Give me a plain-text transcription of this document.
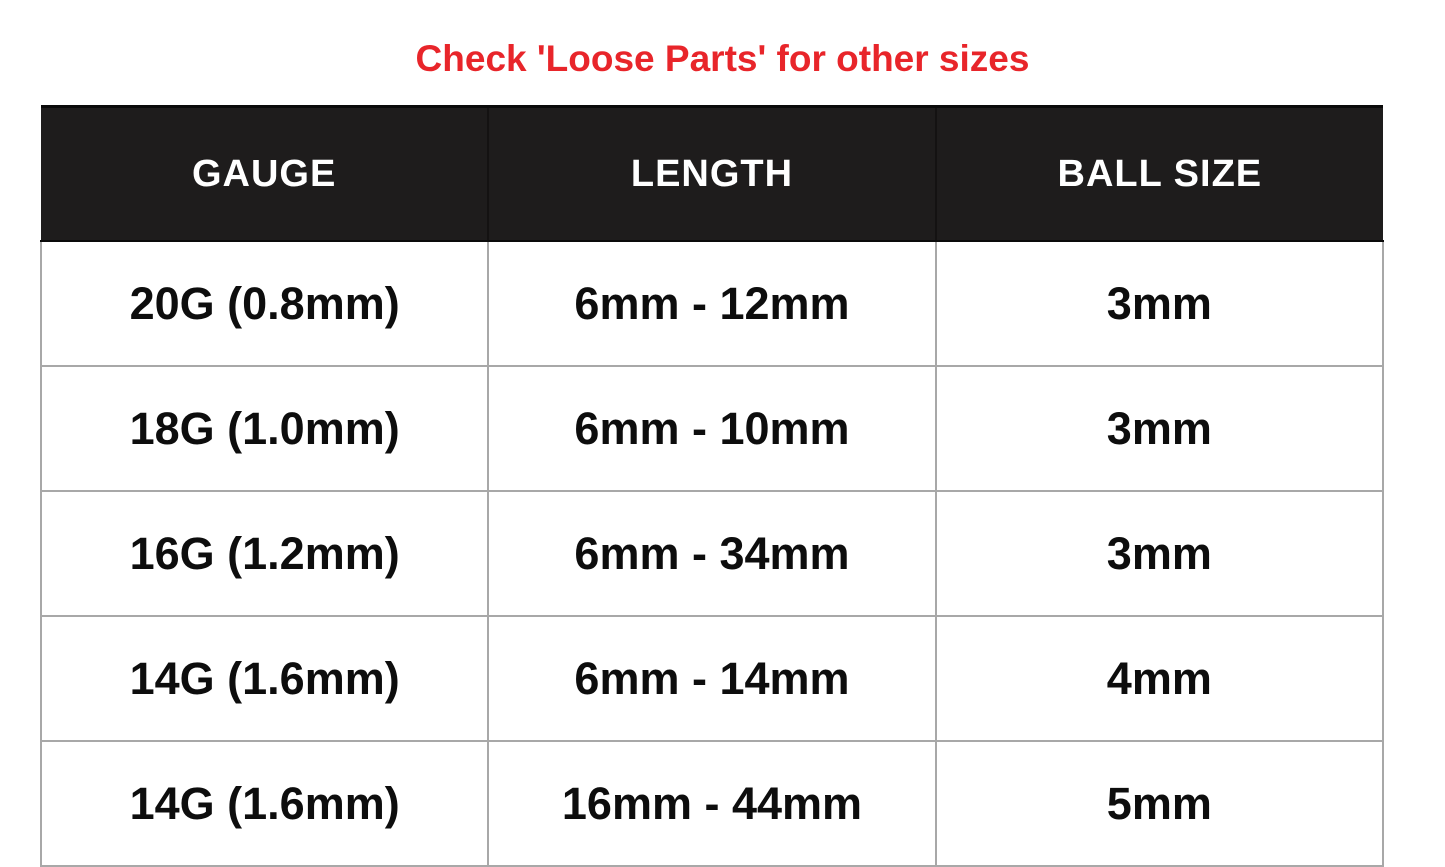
Check 'Loose Parts' for other sizes
GAUGE	LENGTH	BALL SIZE
20G (0.8mm)	6mm - 12mm	3mm
18G (1.0mm)	6mm - 10mm	3mm
16G (1.2mm)	6mm - 34mm	3mm
14G (1.6mm)	6mm - 14mm	4mm
14G (1.6mm)	16mm - 44mm	5mm
